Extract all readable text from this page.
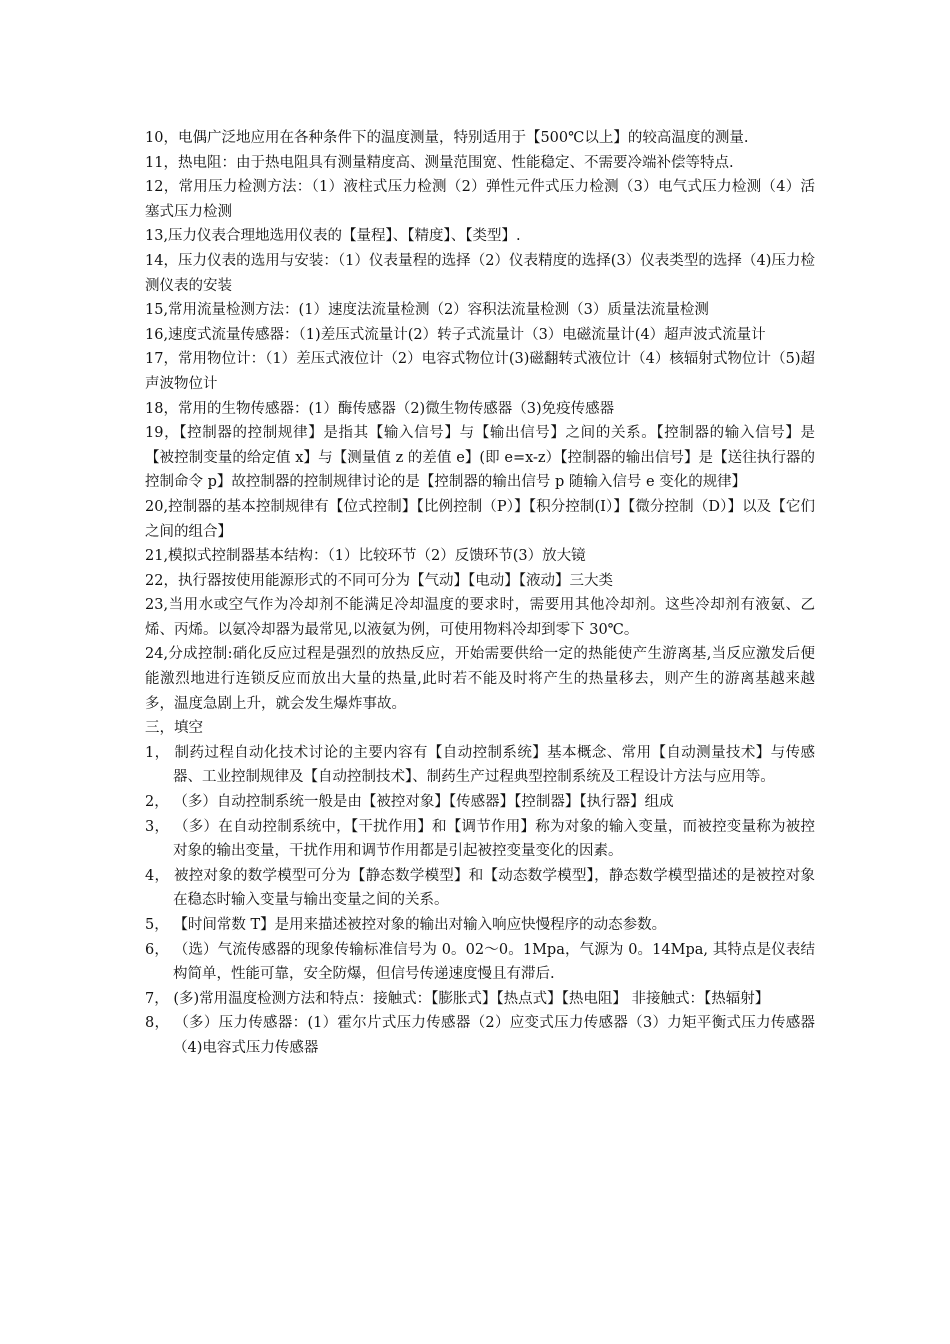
10，电偶广泛地应用在各种条件下的温度测量，特别适用于【500℃以上】的较高温度的测量.

11，热电阻：由于热电阻具有测量精度高、测量范围宽、性能稳定、不需要冷端补偿等特点.

12，常用压力检测方法：（1）液柱式压力检测（2）弹性元件式压力检测（3）电气式压力检测（4）活塞式压力检测

13,压力仪表合理地选用仪表的【量程】、【精度】、【类型】.

14，压力仪表的选用与安装：（1）仪表量程的选择（2）仪表精度的选择(3）仪表类型的选择（4)压力检测仪表的安装

15,常用流量检测方法：(1）速度法流量检测（2）容积法流量检测（3）质量法流量检测

16,速度式流量传感器：（1)差压式流量计(2）转子式流量计（3）电磁流量计(4）超声波式流量计

17，常用物位计：（1）差压式液位计（2）电容式物位计(3)磁翻转式液位计（4）核辐射式物位计（5)超声波物位计

18，常用的生物传感器：(1）酶传感器（2)微生物传感器（3)免疫传感器

19，【控制器的控制规律】是指其【输入信号】与【输出信号】之间的关系。【控制器的输入信号】是【被控制变量的给定值 x】与【测量值 z 的差值 e】(即 e=x-z）【控制器的输出信号】是【送往执行器的控制命令 p】故控制器的控制规律讨论的是【控制器的输出信号 p 随输入信号 e 变化的规律】

20,控制器的基本控制规律有【位式控制】【比例控制（P）】【积分控制(I）】【微分控制（D）】以及【它们之间的组合】

21,模拟式控制器基本结构：（1）比较环节（2）反馈环节(3）放大镜

22，执行器按使用能源形式的不同可分为【气动】【电动】【液动】三大类

23,当用水或空气作为冷却剂不能满足冷却温度的要求时，需要用其他冷却剂。这些冷却剂有液氨、乙烯、丙烯。以氨冷却器为最常见,以液氨为例，可使用物料冷却到零下 30℃。

24,分成控制:硝化反应过程是强烈的放热反应，开始需要供给一定的热能使产生游离基,当反应激发后便能激烈地进行连锁反应而放出大量的热量,此时若不能及时将产生的热量移去，则产生的游离基越来越多，温度急剧上升，就会发生爆炸事故。

三，填空

1， 制药过程自动化技术讨论的主要内容有【自动控制系统】基本概念、常用【自动测量技术】与传感器、工业控制规律及【自动控制技术】、制药生产过程典型控制系统及工程设计方法与应用等。

2， （多）自动控制系统一般是由【被控对象】【传感器】【控制器】【执行器】组成

3， （多）在自动控制系统中，【干扰作用】和【调节作用】称为对象的输入变量，而被控变量称为被控对象的输出变量，干扰作用和调节作用都是引起被控变量变化的因素。

4， 被控对象的数学模型可分为【静态数学模型】和【动态数学模型】，静态数学模型描述的是被控对象在稳态时输入变量与输出变量之间的关系。

5， 【时间常数 T】是用来描述被控对象的输出对输入响应快慢程序的动态参数。

6， （选）气流传感器的现象传输标准信号为 0。02～0。1Mpa，气源为 0。14Mpa, 其特点是仪表结构简单，性能可靠，安全防爆，但信号传递速度慢且有滞后.

7， (多)常用温度检测方法和特点：接触式：【膨胀式】【热点式】【热电阻】 非接触式：【热辐射】

8， （多）压力传感器：(1）霍尔片式压力传感器（2）应变式压力传感器（3）力矩平衡式压力传感器（4)电容式压力传感器
